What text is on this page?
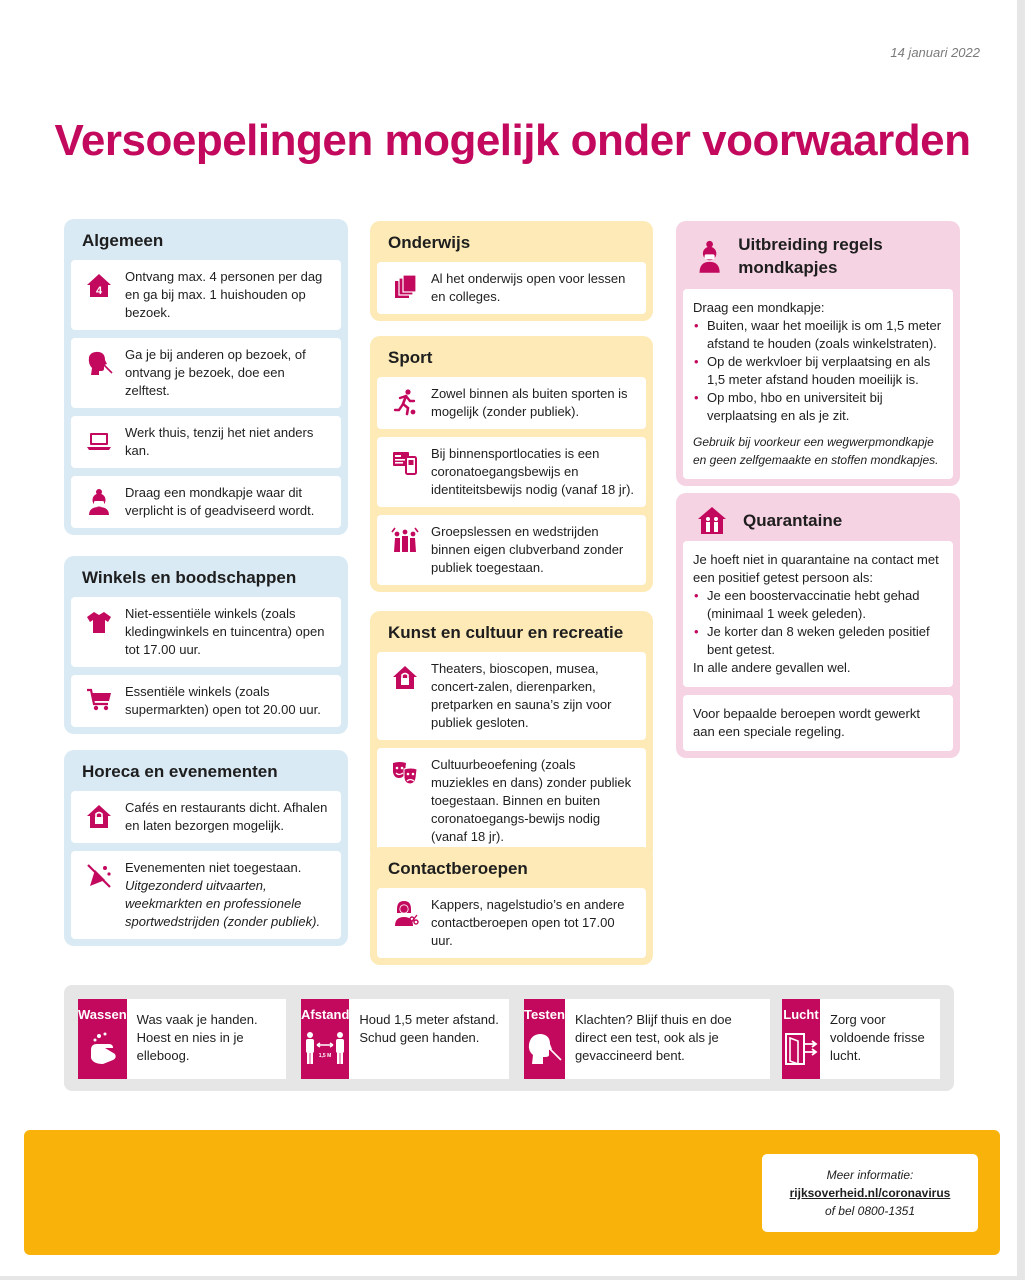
14 januari 2022
Versoepelingen mogelijk onder voorwaarden
Algemeen
4
Ontvang max. 4 personen per dag en ga bij max. 1 huishouden op bezoek.
Ga je bij anderen op bezoek, of ontvang je bezoek, doe een zelftest.
Werk thuis, tenzij het niet anders kan.
Draag een mondkapje waar dit verplicht is of geadviseerd wordt.
Winkels en boodschappen
Niet-essentiële winkels (zoals kledingwinkels en tuincentra) open tot 17.00 uur.
Essentiële winkels (zoals supermarkten) open tot 20.00 uur.
Horeca en evenementen
Cafés en restaurants dicht. Afhalen en laten bezorgen mogelijk.
Evenementen niet toegestaan.
Uitgezonderd uitvaarten, weekmarkten en professionele sportwedstrijden (zonder publiek).
Onderwijs
Al het onderwijs open voor lessen en colleges.
Sport
Zowel binnen als buiten sporten is mogelijk (zonder publiek).
Bij binnensportlocaties is een coronatoegangsbewijs en identiteitsbewijs nodig (vanaf 18 jr).
Groepslessen en wedstrijden binnen eigen clubverband zonder publiek toegestaan.
Kunst en cultuur en recreatie
Theaters, bioscopen, musea, concert-zalen, dierenparken, pretparken en sauna’s zijn voor publiek gesloten.
Cultuurbeoefening (zoals muziekles en dans) zonder publiek toegestaan. Binnen en buiten coronatoegangs-bewijs nodig (vanaf 18 jr).
Contactberoepen
Kappers, nagelstudio’s en andere contactberoepen open tot 17.00 uur.
Uitbreiding regels mondkapjes
Draag een mondkapje:
• Buiten, waar het moeilijk is om 1,5 meter afstand te houden (zoals winkelstraten).
• Op de werkvloer bij verplaatsing en als 1,5 meter afstand houden moeilijk is.
• Op mbo, hbo en universiteit bij verplaatsing en als je zit.
Gebruik bij voorkeur een wegwerpmondkapje en geen zelfgemaakte en stoffen mondkapjes.
Quarantaine
Je hoeft niet in quarantaine na contact met een positief getest persoon als:
• Je een boostervaccinatie hebt gehad (minimaal 1 week geleden).
• Je korter dan 8 weken geleden positief bent getest.
In alle andere gevallen wel.
Voor bepaalde beroepen wordt gewerkt aan een speciale regeling.
Wassen Was vaak je handen. Hoest en nies in je elleboog.
Afstand
1,5 M
Houd 1,5 meter afstand. Schud geen handen.
Testen Klachten? Blijf thuis en doe direct een test, ook als je gevaccineerd bent.
Lucht Zorg voor voldoende frisse lucht.
Meer informatie:
rijksoverheid.nl/coronavirus
of bel 0800-1351
